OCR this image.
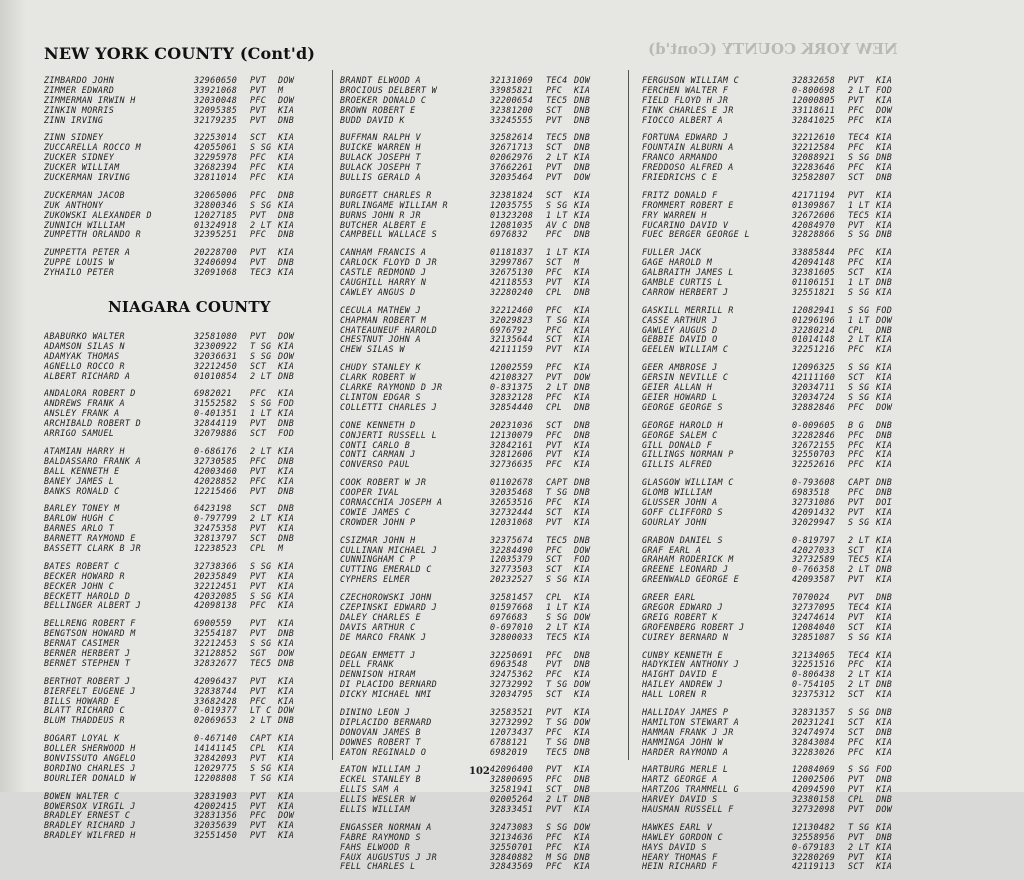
NEW YORK COUNTY (Cont'd)	NEW YORK COUNTY (Cont'd)
ZIMBARDO JOHN	32960650	PVT	DOW
ZIMMER EDWARD	33921068	PVT	M
ZIMMERMAN IRWIN H	32030048	PFC	DOW
ZINKIN MORRIS	32095385	PVT	KIA
ZINN IRVING	32179235	PVT	DNB
ZINN SIDNEY	32253014	SCT	KIA
ZUCCARELLA ROCCO M	42055061	S SG KIA
ZUCKER SIDNEY	32295978	PFC	KIA
ZUCKER WILLIAM	32682394	PFC	KIA
ZUCKERMAN IRVING	32811014	PFC	KIA
ZUCKERMAN JACOB	32065006	PFC	DNB
ZUK ANTHONY	32800346	S SG KIA
ZUKOWSKI ALEXANDER D	12027185	PVT	DNB
ZUNNICH WILLIAM	01324918	2 LT KIA
ZUMPETTH ORLANDO R	32395251	PFC	DNB
ZUMPETTA PETER A	20228700	PVT	KIA
ZUPPE LOUIS W	32406094	PVT	DNB
ZYHAILO PETER	32091068	TEC3 KIA
NIAGARA COUNTY
ABABURKO WALTER	32581080	PVT	DOW
ADAMSON SILAS N	32300922	T SG KIA
ADAMYAK THOMAS	32036631	S SG DOW
AGNELLO ROCCO R	32212450	SCT	KIA
ALBERT RICHARD A	01010854	2 LT DNB
ANDALORA ROBERT D	6982021	PFC	KIA
ANDREWS FRANK A	31552582	S SG FOD
ANSLEY FRANK A	0-401351	1 LT KIA
ARCHIBALD ROBERT D	32844119	PVT	DNB
ARRIGO SAMUEL	32079886	SCT	FOD
ATAMIAN HARRY H	0-686176	2 LT KIA
BALDASSARO FRANK A	32730585	PFC	DNB
BALL KENNETH E	42003460	PVT	KIA
BANEY JAMES L	42028852	PFC	KIA
BANKS RONALD C	12215466	PVT	DNB
BARLEY TONEY M	6423198	SCT	DNB
BARLOW HUGH C	0-797799	2 LT KIA
BARNES ARLO T	32475358	PVT	KIA
BARNETT RAYMOND E	32813797	SCT	DNB
BASSETT CLARK B JR	12238523	CPL	M
BATES ROBERT C	32738366	S SG KIA
BECKER HOWARD R	20235849	PVT	KIA
BECKER JOHN C	32212451	PVT	KIA
BECKETT HAROLD D	42032085	S SG KIA
BELLINGER ALBERT J	42098138	PFC	KIA
BELLRENG ROBERT F	6900559	PVT	KIA
BENGTSON HOWARD M	32554187	PVT	DNB
BERNAT CASIMER	32212453	S SG KIA
BERNER HERBERT J	32128852	SGT	DOW
BERNET STEPHEN T	32832677	TEC5 DNB
BERTHOT ROBERT J	42096437	PVT	KIA
BIERFELT EUGENE J	32838744	PVT	KIA
BILLS HOWARD E	33682428	PFC	KIA
BLATT RICHARD C	0-019377	LT C DOW
BLUM THADDEUS R	02069653	2 LT DNB
BOGART LOYAL K	0-467140	CAPT KIA
BOLLER SHERWOOD H	14141145	CPL	KIA
BONVISSUTO ANGELO	32842093	PVT	KIA
BORDINO CHARLES J	12029775	S SG KIA
BOURLIER DONALD W	12208808	T SG KIA
BOWEN WALTER C	32831903	PVT	KIA
BOWERSOX VIRGIL J	42002415	PVT	KIA
BRADLEY ERNEST C	32831356	PFC	DOW
BRADLEY RICHARD J	32035639	PVT	KIA
BRADLEY WILFRED H	32551450	PVT	KIA
BRANDT ELWOOD A	32131069	TEC4 DOW
BROCIOUS DELBERT W	33985821	PFC	KIA
BROEKER DONALD C	32200654	TEC5 DNB
BROWN ROBERT E	32381200	SCT	DNB
BUDD DAVID K	33245555	PVT	DNB
BUFFMAN RALPH V	32582614	TEC5 DNB
BUICKE WARREN H	32671713	SCT	DNB
BULACK JOSEPH T	02062976	2 LT KIA
BULACK JOSEPH T	37662261	PVT	DNB
BULLIS GERALD A	32035464	PVT	DOW
BURGETT CHARLES R	32381824	SCT	KIA
BURLINGAME WILLIAM R	12035755	S SG KIA
BURNS JOHN R JR	01323208	1 LT KIA
BUTCHER ALBERT E	12081035	AV C DNB
CAMPBELL WALLACE S	6976832	PFC	DNB
CANHAM FRANCIS A	01181837	1 LT KIA
CARLOCK FLOYD D JR	32997867	SCT	M
CASTLE REDMOND J	32675130	PFC	KIA
CAUGHILL HARRY N	42118553	PVT	KIA
CAWLEY ANGUS D	32280240	CPL	DNB
CECULA MATHEW J	32212460	PFC	KIA
CHAPMAN ROBERT M	32029823	T SG KIA
CHATEAUNEUF HAROLD	6976792	PFC	KIA
CHESTNUT JOHN A	32135644	SCT	KIA
CHEW SILAS W	42111159	PVT	KIA
CHUDY STANLEY K	12002559	PFC	KIA
CLARK ROBERT W	42108327	PVT	DOW
CLARKE RAYMOND D JR	0-831375	2 LT DNB
CLINTON EDGAR S	32832128	PFC	KIA
COLLETTI CHARLES J	32854440	CPL	DNB
CONE KENNETH D	20231036	SCT	DNB
CONJERTI RUSSELL L	12130079	PFC	DNB
CONTI CARLO B	32842161	PVT	KIA
CONTI CARMAN J	32812606	PVT	KIA
CONVERSO PAUL	32736635	PFC	KIA
COOK ROBERT W JR	01102678	CAPT DNB
COOPER IVAL	32035468	T SG DNB
CORNACCHIA JOSEPH A	32653516	PFC	KIA
COWIE JAMES C	32732444	SCT	KIA
CROWDER JOHN P	12031068	PVT	KIA
CSIZMAR JOHN H	32375674	TEC5 DNB
CULLINAN MICHAEL J	32284490	PFC	DOW
CUNNINGHAM C P	12035379	SCT	FOD
CUTTING EMERALD C	32773503	SCT	KIA
CYPHERS ELMER	20232527	S SG KIA
CZECHOROWSKI JOHN	32581457	CPL	KIA
CZEPINSKI EDWARD J	01597668	1 LT KIA
DALEY CHARLES E	6976683	S SG DOW
DAVIS ARTHUR C	0-697010	2 LT KIA
DE MARCO FRANK J	32800033	TEC5 KIA
DEGAN EMMETT J	32250691	PFC	DNB
DELL FRANK	6963548	PVT	DNB
DENNISON HIRAM	32475362	PFC	KIA
DI PLACIDO BERNARD	32732992	T SG DOW
DICKY MICHAEL NMI	32034795	SCT	KIA
DININO LEON J	32583521	PVT	KIA
DIPLACIDO BERNARD	32732992	T SG DOW
DONOVAN JAMES B	12073437	PFC	KIA
DOWNES ROBERT T	6788121	T SG DNB
EATON REGINALD O	6982019	TEC5 DNB
EATON WILLIAM J	42096400	PVT	KIA
ECKEL STANLEY B	32800695	PFC	DNB
ELLIS SAM A	32581941	SCT	DNB
ELLIS WESLER W	02005264	2 LT DNB
ELLIS WILLIAM	32833451	PVT	KIA
ENGASSER NORMAN A	32473083	S SG DOW
FABRE RAYMOND S	32134636	PFC	KIA
FAHS ELWOOD R	32550701	PFC	KIA
FAUX AUGUSTUS J JR	32840882	M SG DNB
FELL CHARLES L	32843569	PFC	KIA
FERGUSON WILLIAM C	32832658	PVT	KIA
FERCHEN WALTER F	0-800698	2 LT FOD
FIELD FLOYD H JR	12000805	PVT	KIA
FINK CHARLES E JR	33118611	PFC	DOW
FIOCCO ALBERT A	32841025	PFC	KIA
FORTUNA EDWARD J	32212610	TEC4 KIA
FOUNTAIN ALBURN A	32212584	PFC	KIA
FRANCO ARMANDO	32088921	S SG DNB
FREDDOSO ALFRED A	32283646	PFC	KIA
FRIEDRICHS C E	32582807	SCT	DNB
FRITZ DONALD F	42171194	PVT	KIA
FROMMERT ROBERT E	01309867	1 LT KIA
FRY WARREN H	32672606	TEC5 KIA
FUCARINO DAVID V	42084970	PVT	KIA
FUEC BERGER GEORGE L	32828866	S SG DNB
FULLER JACK	33885844	PFC	KIA
GAGE HAROLD M	42094148	PFC	KIA
GALBRAITH JAMES L	32381605	SCT	KIA
GAMBLE CURTIS L	01106151	1 LT DNB
CARROW HERBERT J	32551821	S SG KIA
GASKILL MERRILL R	12082941	S SG FOD
CASSE ARTHUR J	01296196	1 LT DOW
GAWLEY AUGUS D	32280214	CPL	DNB
GEBBIE DAVID O	01014148	2 LT KIA
GEELEN WILLIAM C	32251216	PFC	KIA
GEER AMBROSE J	12096325	S SG KIA
GERSIN NEVILLE C	42111160	SCT	KIA
GEIER ALLAN H	32034711	S SG KIA
GEIER HOWARD L	32034724	S SG KIA
GEORGE GEORGE S	32882846	PFC	DOW
GEORGE HAROLD H	0-009605	B G	DNB
GEORGE SALEM C	32282846	PFC	DNB
GILL DONALD F	32672155	PFC	KIA
GILLINGS NORMAN P	32550703	PFC	KIA
GILLIS ALFRED	32252616	PFC	KIA
GLASGOW WILLIAM C	0-793608	CAPT DNB
GLOMB WILLIAM	6983518	PFC	DNB
GLUSSER JOHN A	32731086	PVT	DOI
GOFF CLIFFORD S	42091432	PVT	KIA
GOURLAY JOHN	32029947	S SG KIA
GRABON DANIEL S	0-819797	2 LT KIA
GRAF EARL A	42027033	SCT	KIA
GRAHAM RODERICK M	32732589	TEC5 KIA
GREENE LEONARD J	0-766358	2 LT DNB
GREENWALD GEORGE E	42093587	PVT	KIA
GREER EARL	7070024	PVT	DNB
GREGOR EDWARD J	32737095	TEC4 KIA
GREIG ROBERT K	32474614	PVT	KIA
GROFENBERG ROBERT J	12084040	SCT	KIA
CUIREY BERNARD N	32851087	S SG KIA
CUNBY KENNETH E	32134065	TEC4 KIA
HADYKIEN ANTHONY J	32251516	PFC	KIA
HAIGHT DAVID E	0-806438	2 LT KIA
HAILEY ANDREW J	0-754105	2 LT DNB
HALL LOREN R	32375312	SCT	KIA
HALLIDAY JAMES P	32831357	S SG DNB
HAMILTON STEWART A	20231241	SCT	KIA
HAMMAN FRANK J JR	32474974	SCT	DNB
HAMMINGA JOHN W	32843084	PFC	KIA
HARDER RAYMOND A	32283026	PFC	KIA
HARTBURG MERLE L	12084069	S SG FOD
HARTZ GEORGE A	12002506	PVT	DNB
HARTZOG TRAMMELL G	42094590	PVT	KIA
HARVEY DAVID S	32380158	CPL	DNB
HAUSMAN RUSSELL F	32732098	PVT	DOW
HAWKES EARL V	12130482	T SG KIA
HAWLEY GORDON C	32558956	PVT	DNB
HAYS DAVID S	0-679183	2 LT KIA
HEARY THOMAS F	32280269	PVT	KIA
HEIN RICHARD F	42119113	SCT	KIA
102
